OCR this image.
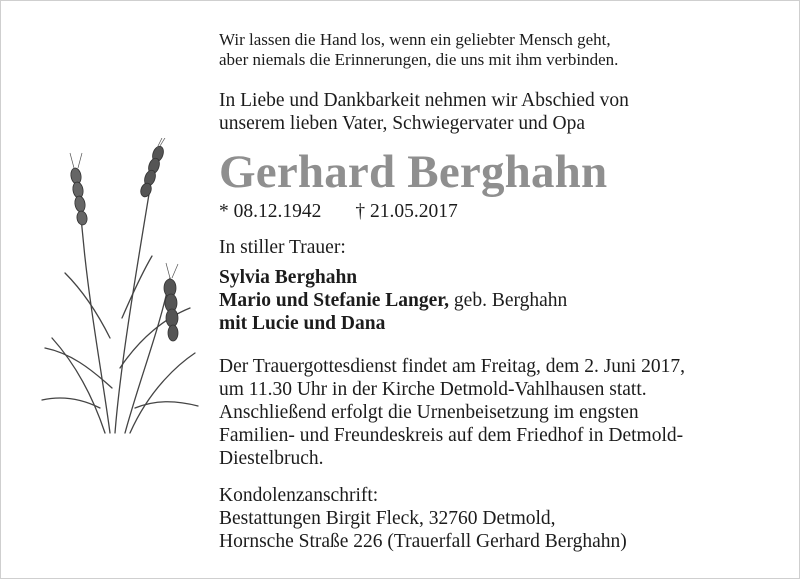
Wir lassen die Hand los, wenn ein geliebter Mensch geht,
aber niemals die Erinnerungen, die uns mit ihm verbinden.
In Liebe und Dankbarkeit nehmen wir Abschied von
unserem lieben Vater, Schwiegervater und Opa
Gerhard Berghahn
* 08.12.1942 † 21.05.2017
In stiller Trauer:
Sylvia Berghahn
Mario und Stefanie Langer, geb. Berghahn
mit Lucie und Dana
Der Trauergottesdienst findet am Freitag, dem 2. Juni 2017,
um 11.30 Uhr in der Kirche Detmold-Vahlhausen statt.
Anschließend erfolgt die Urnenbeisetzung im engsten
Familien- und Freundeskreis auf dem Friedhof in Detmold-
Diestelbruch.
Kondolenzanschrift:
Bestattungen Birgit Fleck, 32760 Detmold,
Hornsche Straße 226 (Trauerfall Gerhard Berghahn)
